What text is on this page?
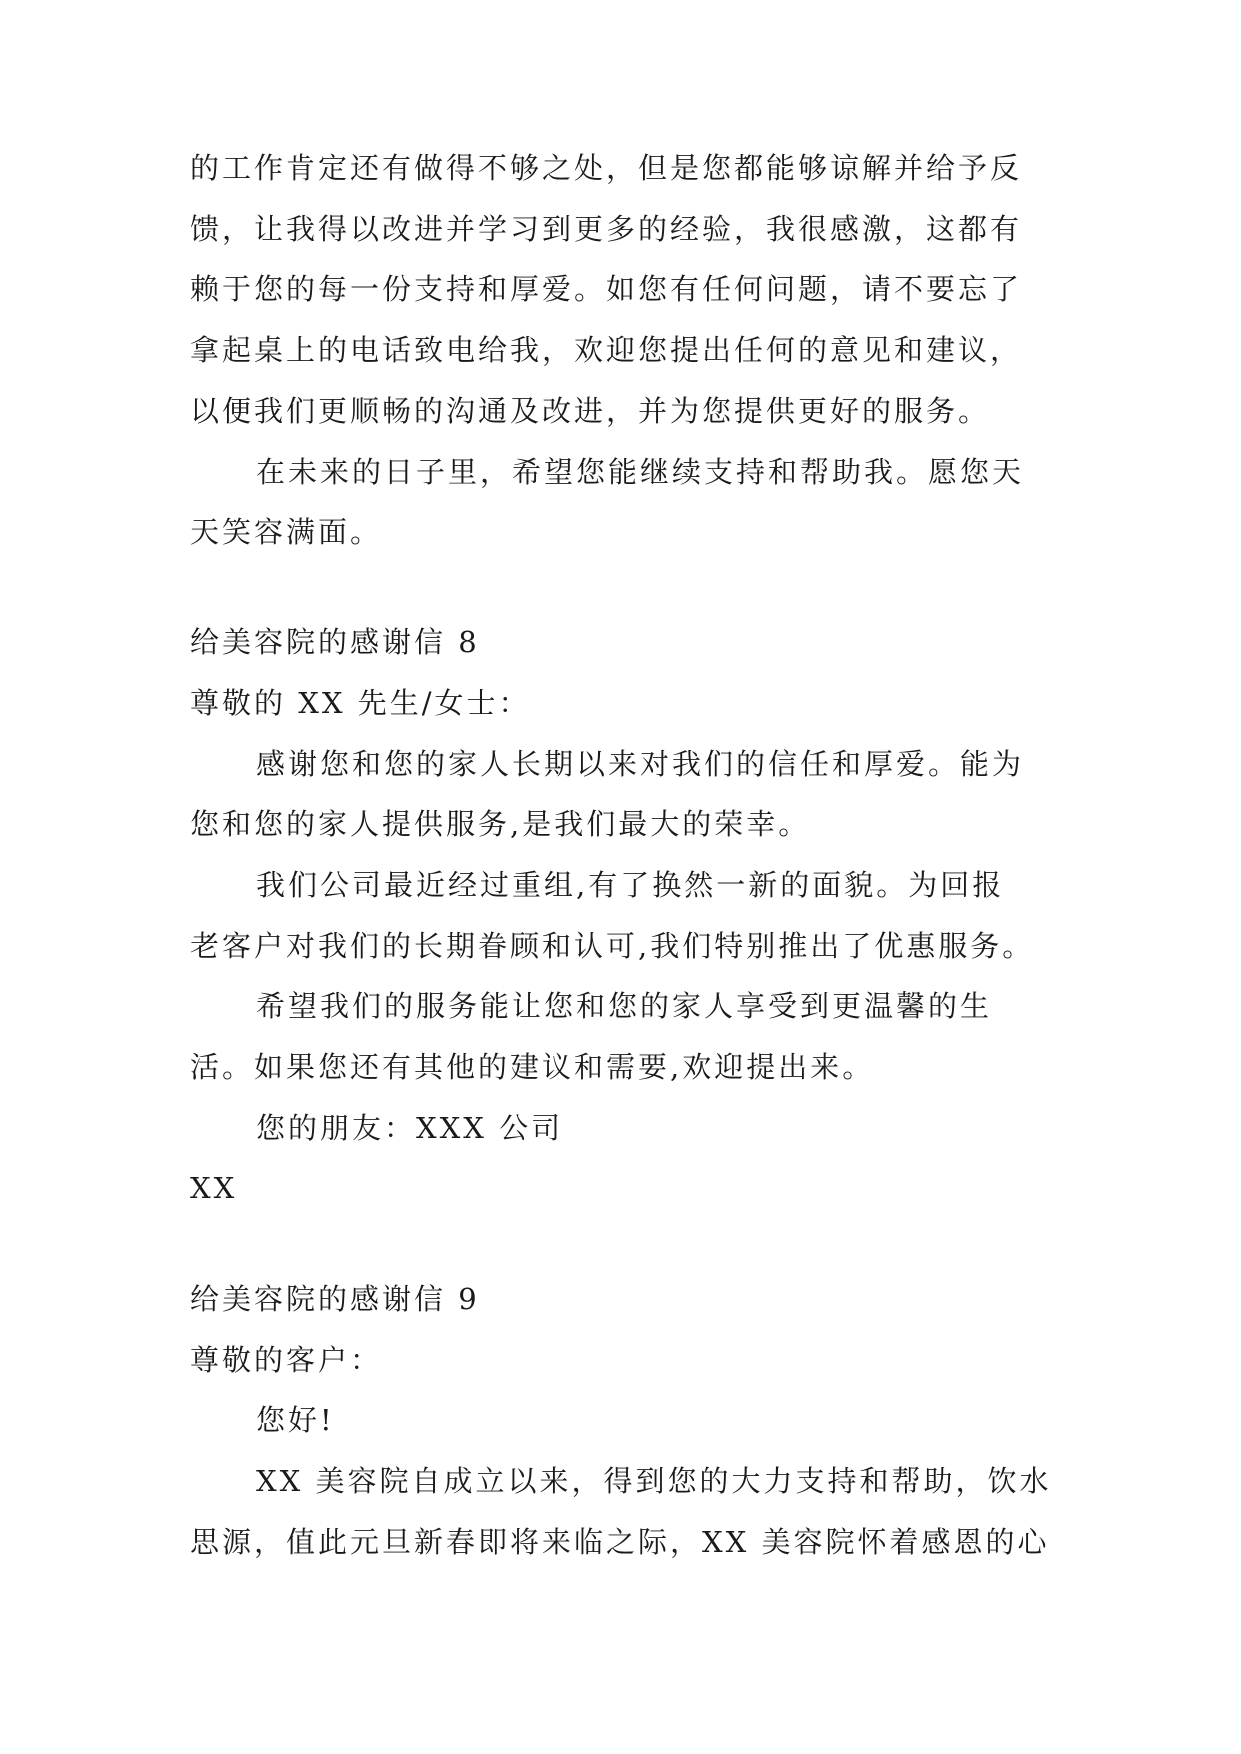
的工作肯定还有做得不够之处，但是您都能够谅解并给予反
馈，让我得以改进并学习到更多的经验，我很感激，这都有
赖于您的每一份支持和厚爱。如您有任何问题，请不要忘了
拿起桌上的电话致电给我，欢迎您提出任何的意见和建议，
以便我们更顺畅的沟通及改进，并为您提供更好的服务。
在未来的日子里，希望您能继续支持和帮助我。愿您天
天笑容满面。
给美容院的感谢信 8
尊敬的 XX 先生/女士：
感谢您和您的家人长期以来对我们的信任和厚爱。能为
您和您的家人提供服务,是我们最大的荣幸。
我们公司最近经过重组,有了换然一新的面貌。为回报
老客户对我们的长期眷顾和认可,我们特别推出了优惠服务。
希望我们的服务能让您和您的家人享受到更温馨的生
活。如果您还有其他的建议和需要,欢迎提出来。
您的朋友：XXX 公司
XX
给美容院的感谢信 9
尊敬的客户：
您好!
XX 美容院自成立以来，得到您的大力支持和帮助，饮水
思源，值此元旦新春即将来临之际，XX 美容院怀着感恩的心
